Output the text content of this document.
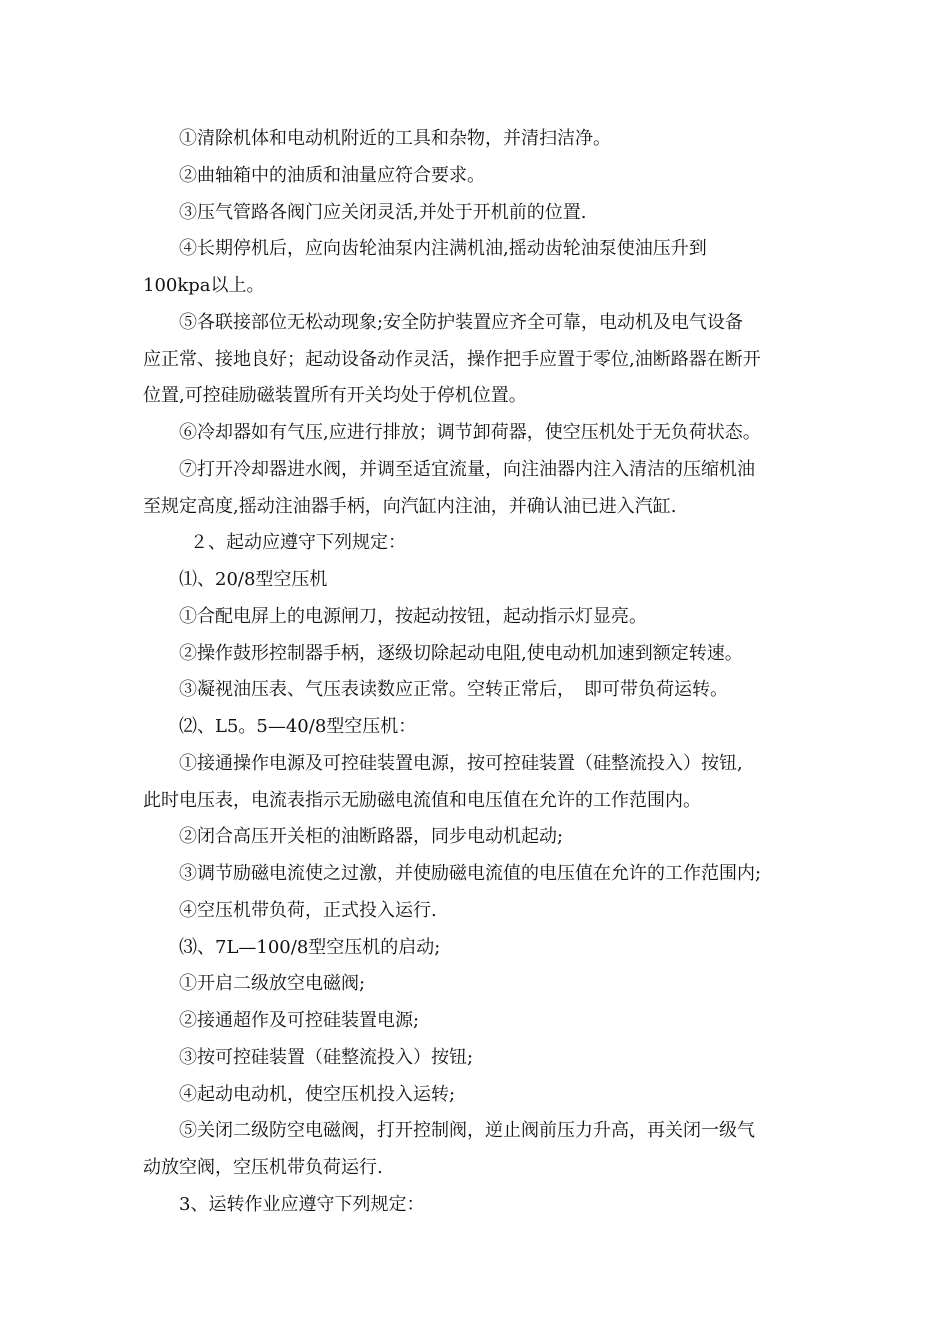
①清除机体和电动机附近的工具和杂物，并清扫洁净。

②曲轴箱中的油质和油量应符合要求。

③压气管路各阀门应关闭灵活,并处于开机前的位置.

④长期停机后，应向齿轮油泵内注满机油,摇动齿轮油泵使油压升到

100kpa以上。

⑤各联接部位无松动现象;安全防护装置应齐全可靠，电动机及电气设备

应正常、接地良好；起动设备动作灵活，操作把手应置于零位,油断路器在断开

位置,可控硅励磁装置所有开关均处于停机位置。

⑥冷却器如有气压,应进行排放；调节卸荷器，使空压机处于无负荷状态。

⑦打开冷却器进水阀，并调至适宜流量，向注油器内注入清洁的压缩机油

至规定高度,摇动注油器手柄，向汽缸内注油，并确认油已进入汽缸.

２、起动应遵守下列规定：

⑴、20/8型空压机

①合配电屏上的电源闸刀，按起动按钮，起动指示灯显亮。

②操作鼓形控制器手柄，逐级切除起动电阻,使电动机加速到额定转速。

③凝视油压表、气压表读数应正常。空转正常后，　即可带负荷运转。

⑵、L5。5—40/8型空压机：

①接通操作电源及可控硅装置电源，按可控硅装置（硅整流投入）按钮,

此时电压表，电流表指示无励磁电流值和电压值在允许的工作范围内。

②闭合高压开关柜的油断路器，同步电动机起动;

③调节励磁电流使之过激，并使励磁电流值的电压值在允许的工作范围内;

④空压机带负荷，正式投入运行.

⑶、7L—100/8型空压机的启动;

①开启二级放空电磁阀;

②接通超作及可控硅装置电源;

③按可控硅装置（硅整流投入）按钮;

④起动电动机，使空压机投入运转;

⑤关闭二级防空电磁阀，打开控制阀，逆止阀前压力升高，再关闭一级气

动放空阀，空压机带负荷运行.

3、运转作业应遵守下列规定：
